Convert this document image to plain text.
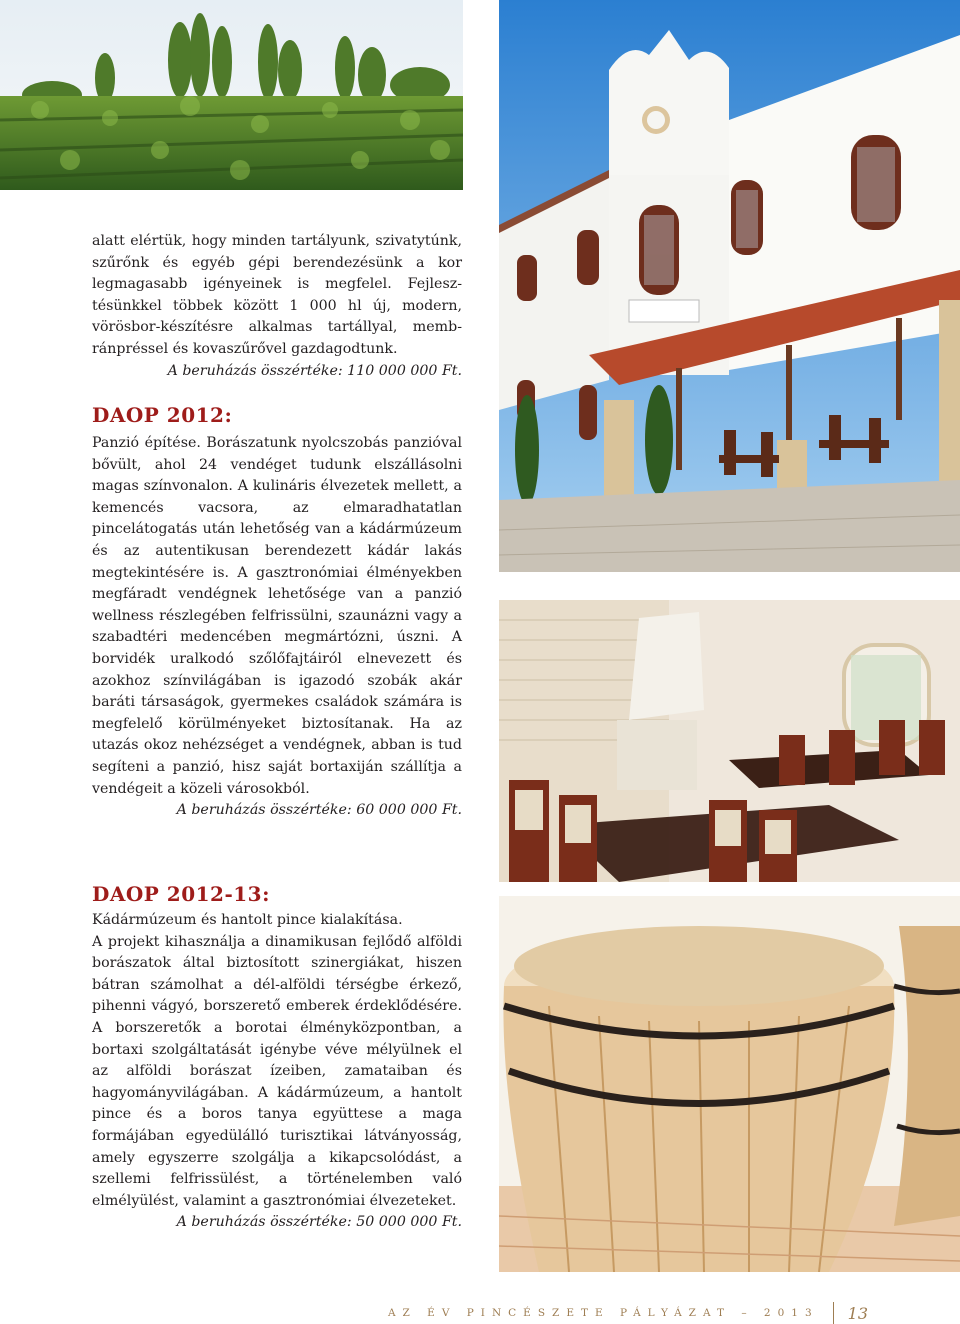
alatt elértük, hogy minden tartályunk, szivatytúnk, szűrőnk és egyéb gépi berendezésünk a kor legmagasabb igényeinek is megfelel. Fejlesztésünkkel többek között 1 000 hl új, modern, vörösbor-készítésre alkalmas tartállyal, membránpréssel és kovaszűrővel gazdagodtunk.

A beruházás összértéke: 110 000 000 Ft.

DAOP 2012:

Panzió építése. Borászatunk nyolcszobás panzióval bővült, ahol 24 vendéget tudunk elszállásolni magas színvonalon. A kulináris élvezetek mellett, a kemencés vacsora, az elmaradhatatlan pincelátogatás után lehetőség van a kádármúzeum és az autentikusan berendezett kádár lakás megtekintésére is. A gasztronómiai élményekben megfáradt vendégnek lehetősége van a panzió wellness részlegében felfrissülni, szaunázni vagy a szabadtéri medencében megmártózni, úszni. A borvidék uralkodó szőlőfajtáiról elnevezett és azokhoz színvilágában is igazodó szobák akár baráti társaságok, gyermekes családok számára is megfelelő körülményeket biztosítanak. Ha az utazás okoz nehézséget a vendégnek, abban is tud segíteni a panzió, hisz saját bortaxiján szállítja a vendégeit a közeli városokból.

A beruházás összértéke: 60 000 000 Ft.

DAOP 2012-13:

Kádármúzeum és hantolt pince kialakítása.

A projekt kihasználja a dinamikusan fejlődő alföldi borászatok által biztosított szinergiákat, hiszen bátran számolhat a dél-alföldi térségbe érkező, pihenni vágyó, borszerető emberek érdeklődésére. A borszeretők a borotai élményközpontban, a bortaxi szolgáltatását igénybe véve mélyülnek el az alföldi borászat ízeiben, zamataiban és hagyományvilágában. A kádármúzeum, a hantolt pince és a boros tanya együttese a maga formájában egyedülálló turisztikai látványosság, amely egyszerre szolgálja a kikapcsolódást, a szellemi felfrissülést, a történelemben való elmélyülést, valamint a gasztronómiai élvezeteket.

A beruházás összértéke: 50 000 000 Ft.

AZ ÉV PINCÉSZETE PÁLYÁZAT – 2013 13
